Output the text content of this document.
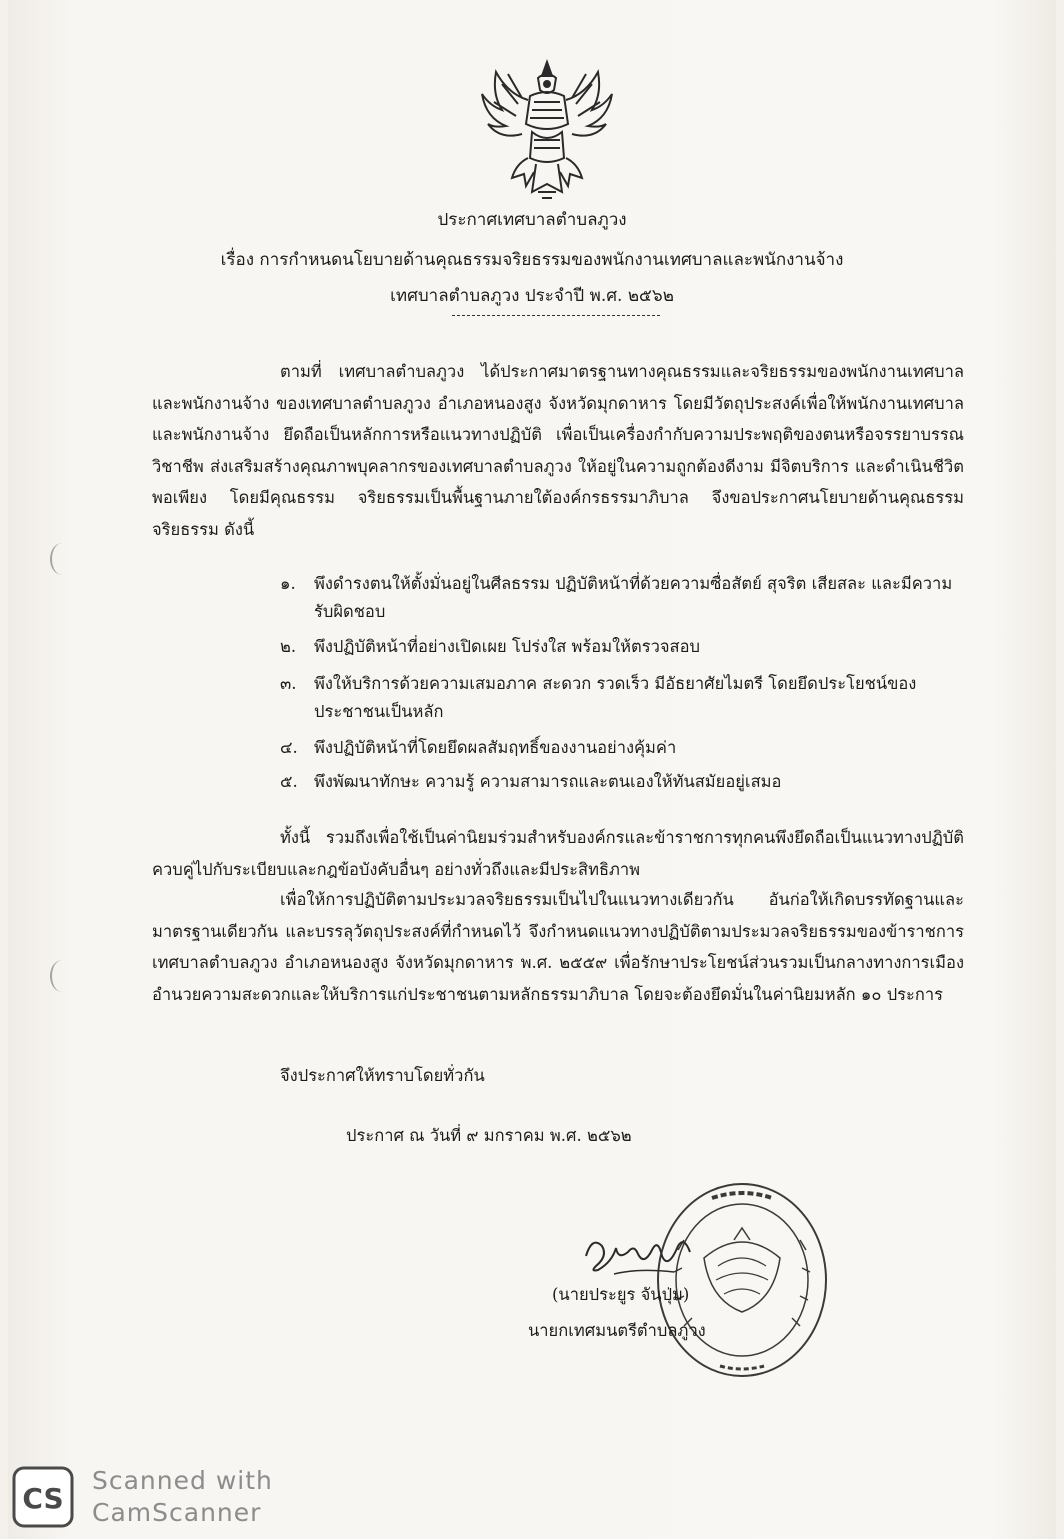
ประกาศเทศบาลตำบลภูวง
เรื่อง การกำหนดนโยบายด้านคุณธรรมจริยธรรมของพนักงานเทศบาลและพนักงานจ้าง
เทศบาลตำบลภูวง ประจำปี พ.ศ. ๒๕๖๒
ตามที่ เทศบาลตำบลภูวง ได้ประกาศมาตรฐานทางคุณธรรมและจริยธรรมของพนักงานเทศบาล และพนักงานจ้าง ของเทศบาลตำบลภูวง อำเภอหนองสูง จังหวัดมุกดาหาร โดยมีวัตถุประสงค์เพื่อให้พนักงานเทศบาลและพนักงานจ้าง ยึดถือเป็นหลักการหรือแนวทางปฏิบัติ เพื่อเป็นเครื่องกำกับความประพฤติของตนหรือจรรยาบรรณวิชาชีพ ส่งเสริมสร้างคุณภาพบุคลากรของเทศบาลตำบลภูวง ให้อยู่ในความถูกต้องดีงาม มีจิตบริการ และดำเนินชีวิตพอเพียง โดยมีคุณธรรม จริยธรรมเป็นพื้นฐานภายใต้องค์กรธรรมาภิบาล จึงขอประกาศนโยบายด้านคุณธรรม จริยธรรม ดังนี้
๑.	พึงดำรงตนให้ตั้งมั่นอยู่ในศีลธรรม ปฏิบัติหน้าที่ด้วยความซื่อสัตย์ สุจริต เสียสละ และมีความรับผิดชอบ
๒.	พึงปฏิบัติหน้าที่อย่างเปิดเผย โปร่งใส พร้อมให้ตรวจสอบ
๓.	พึงให้บริการด้วยความเสมอภาค สะดวก รวดเร็ว มีอัธยาศัยไมตรี โดยยึดประโยชน์ของประชาชนเป็นหลัก
๔. พึงปฏิบัติหน้าที่โดยยึดผลสัมฤทธิ์ของงานอย่างคุ้มค่า
๕. พึงพัฒนาทักษะ ความรู้ ความสามารถและตนเองให้ทันสมัยอยู่เสมอ
ทั้งนี้ รวมถึงเพื่อใช้เป็นค่านิยมร่วมสำหรับองค์กรและข้าราชการทุกคนพึงยึดถือเป็นแนวทางปฏิบัติควบคู่ไปกับระเบียบและกฎข้อบังคับอื่นๆ อย่างทั่วถึงและมีประสิทธิภาพ
เพื่อให้การปฏิบัติตามประมวลจริยธรรมเป็นไปในแนวทางเดียวกัน อันก่อให้เกิดบรรทัดฐานและมาตรฐานเดียวกัน และบรรลุวัตถุประสงค์ที่กำหนดไว้ จึงกำหนดแนวทางปฏิบัติตามประมวลจริยธรรมของข้าราชการ เทศบาลตำบลภูวง อำเภอหนองสูง จังหวัดมุกดาหาร พ.ศ. ๒๕๕๙ เพื่อรักษาประโยชน์ส่วนรวมเป็นกลางทางการเมือง อำนวยความสะดวกและให้บริการแก่ประชาชนตามหลักธรรมาภิบาล โดยจะต้องยึดมั่นในค่านิยมหลัก ๑๐ ประการ
จึงประกาศให้ทราบโดยทั่วกัน
ประกาศ ณ วันที่ ๙ มกราคม พ.ศ. ๒๕๖๒
(นายประยูร จันปุ่ม)
นายกเทศมนตรีตำบลภูวง
CS
Scanned with
CamScanner
